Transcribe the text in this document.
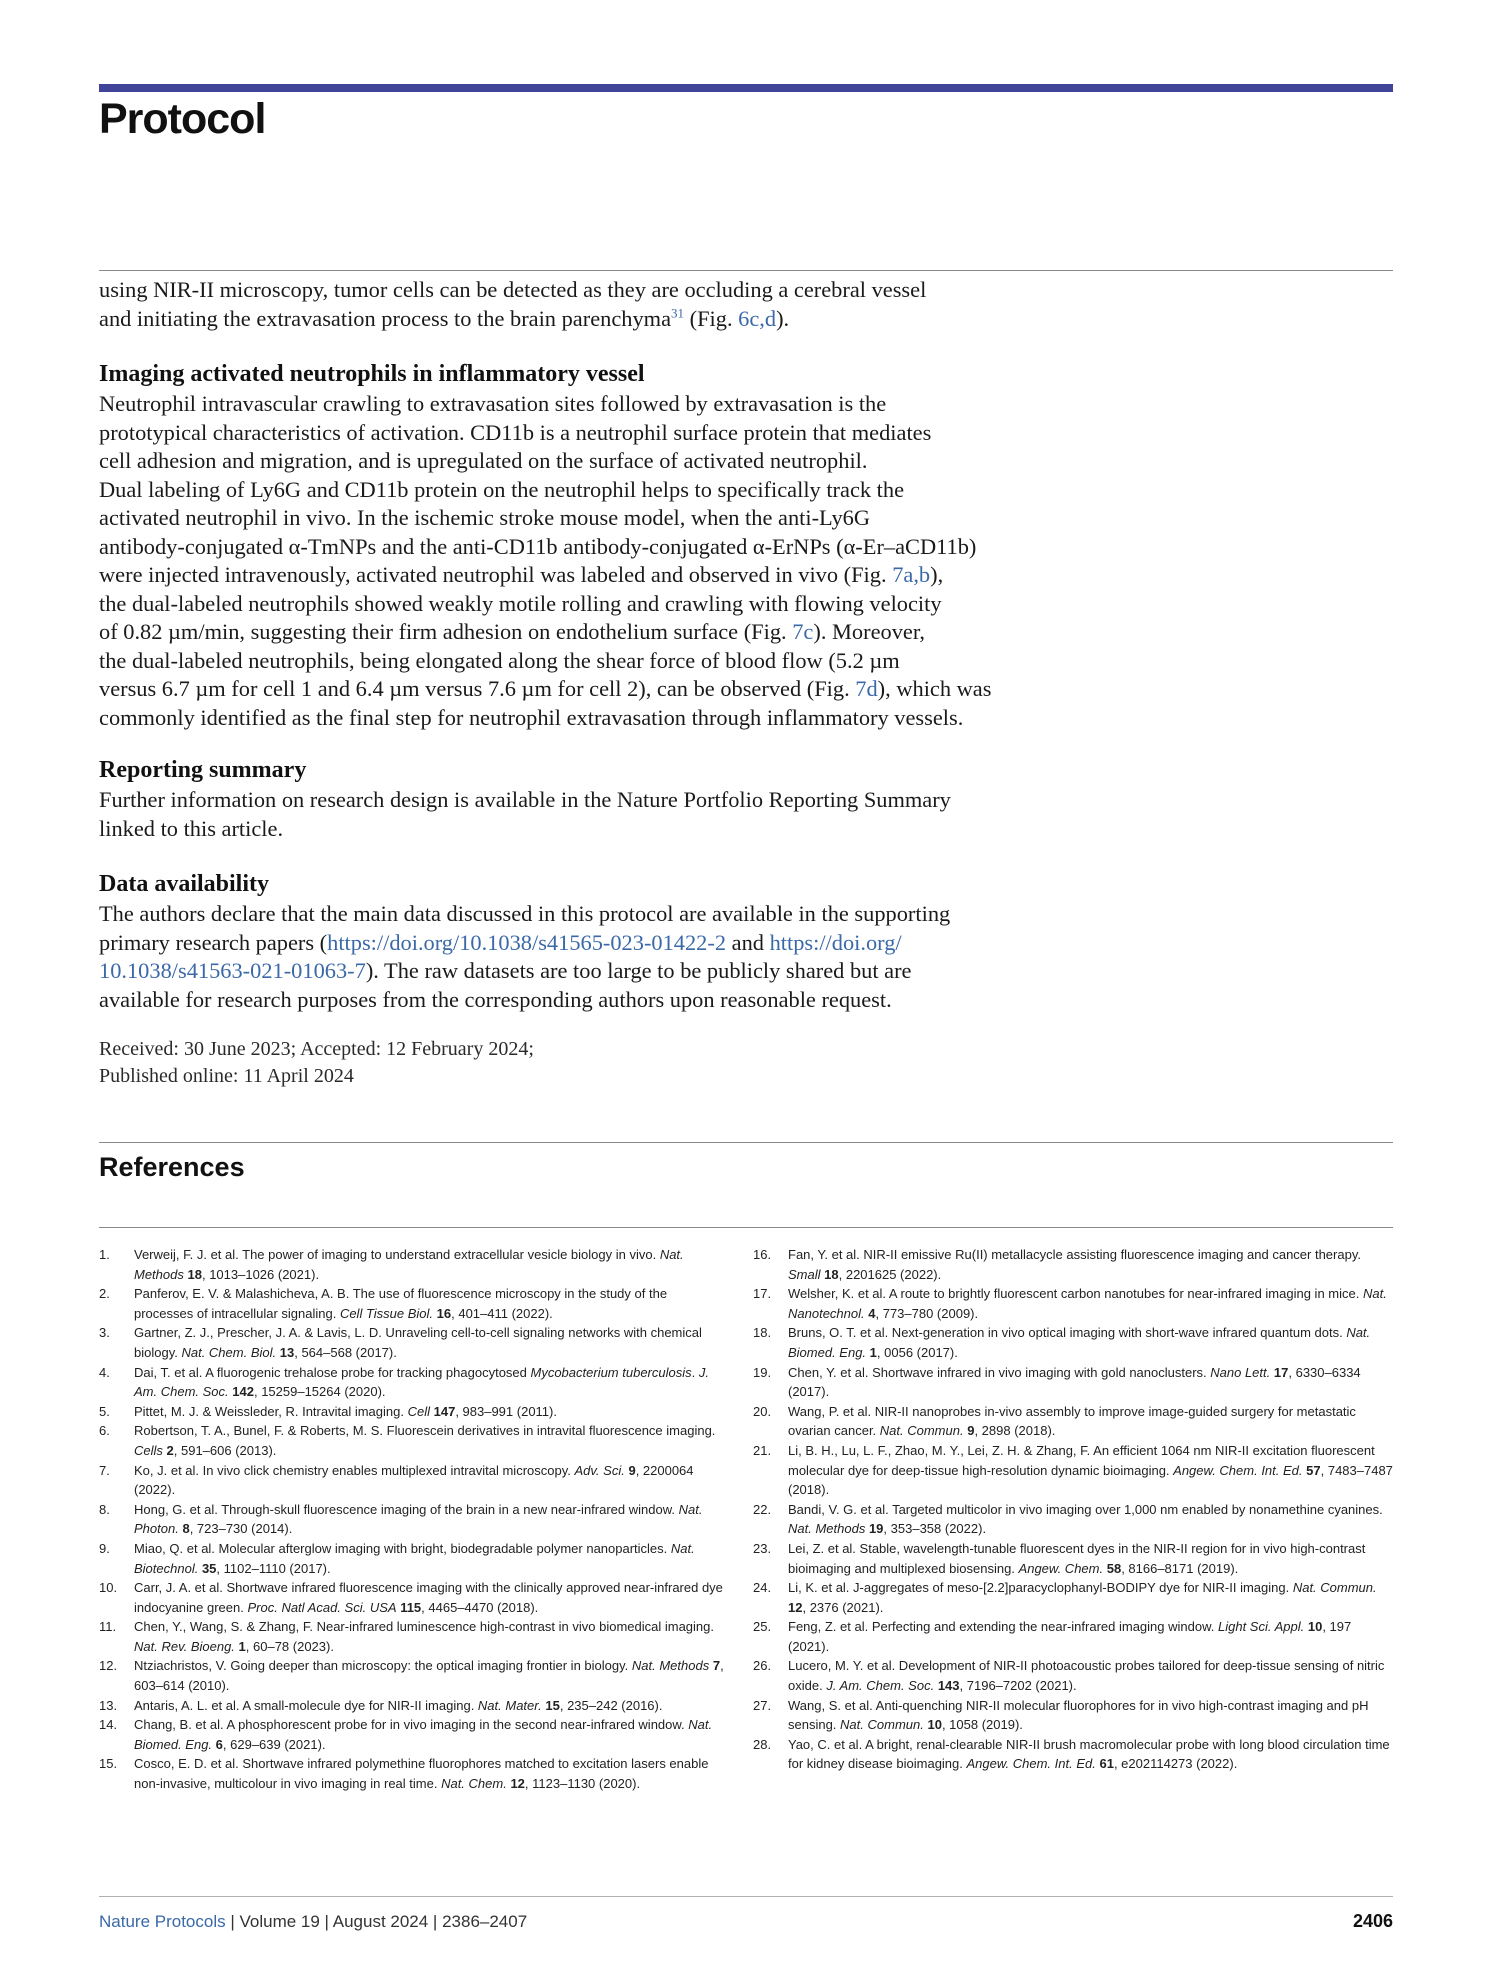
Protocol
using NIR-II microscopy, tumor cells can be detected as they are occluding a cerebral vessel
and initiating the extravasation process to the brain parenchyma$^{31}$ (Fig. 6c,d).
Imaging activated neutrophils in inflammatory vessel
Neutrophil intravascular crawling to extravasation sites followed by extravasation is the
prototypical characteristics of activation. CD11b is a neutrophil surface protein that mediates
cell adhesion and migration, and is upregulated on the surface of activated neutrophil.
Dual labeling of Ly6G and CD11b protein on the neutrophil helps to specifically track the
activated neutrophil in vivo. In the ischemic stroke mouse model, when the anti-Ly6G
antibody-conjugated α-TmNPs and the anti-CD11b antibody-conjugated α-ErNPs (α-Er–aCD11b)
were injected intravenously, activated neutrophil was labeled and observed in vivo (Fig. 7a,b),
the dual-labeled neutrophils showed weakly motile rolling and crawling with flowing velocity
of 0.82 µm/min, suggesting their firm adhesion on endothelium surface (Fig. 7c). Moreover,
the dual-labeled neutrophils, being elongated along the shear force of blood flow (5.2 µm
versus 6.7 µm for cell 1 and 6.4 µm versus 7.6 µm for cell 2), can be observed (Fig. 7d), which was
commonly identified as the final step for neutrophil extravasation through inflammatory vessels.
Reporting summary
Further information on research design is available in the Nature Portfolio Reporting Summary
linked to this article.
Data availability
The authors declare that the main data discussed in this protocol are available in the supporting
primary research papers (https://doi.org/10.1038/s41565-023-01422-2 and https://doi.org/
10.1038/s41563-021-01063-7). The raw datasets are too large to be publicly shared but are
available for research purposes from the corresponding authors upon reasonable request.
Received: 30 June 2023; Accepted: 12 February 2024;
Published online: 11 April 2024
References
1. Verweij, F. J. et al. The power of imaging to understand extracellular vesicle biology in vivo. Nat. Methods 18, 1013–1026 (2021).
2. Panferov, E. V. & Malashicheva, A. B. The use of fluorescence microscopy in the study of the processes of intracellular signaling. Cell Tissue Biol. 16, 401–411 (2022).
3. Gartner, Z. J., Prescher, J. A. & Lavis, L. D. Unraveling cell-to-cell signaling networks with chemical biology. Nat. Chem. Biol. 13, 564–568 (2017).
4. Dai, T. et al. A fluorogenic trehalose probe for tracking phagocytosed Mycobacterium tuberculosis. J. Am. Chem. Soc. 142, 15259–15264 (2020).
5. Pittet, M. J. & Weissleder, R. Intravital imaging. Cell 147, 983–991 (2011).
6. Robertson, T. A., Bunel, F. & Roberts, M. S. Fluorescein derivatives in intravital fluorescence imaging. Cells 2, 591–606 (2013).
7. Ko, J. et al. In vivo click chemistry enables multiplexed intravital microscopy. Adv. Sci. 9, 2200064 (2022).
8. Hong, G. et al. Through-skull fluorescence imaging of the brain in a new near-infrared window. Nat. Photon. 8, 723–730 (2014).
9. Miao, Q. et al. Molecular afterglow imaging with bright, biodegradable polymer nanoparticles. Nat. Biotechnol. 35, 1102–1110 (2017).
10. Carr, J. A. et al. Shortwave infrared fluorescence imaging with the clinically approved near-infrared dye indocyanine green. Proc. Natl Acad. Sci. USA 115, 4465–4470 (2018).
11. Chen, Y., Wang, S. & Zhang, F. Near-infrared luminescence high-contrast in vivo biomedical imaging. Nat. Rev. Bioeng. 1, 60–78 (2023).
12. Ntziachristos, V. Going deeper than microscopy: the optical imaging frontier in biology. Nat. Methods 7, 603–614 (2010).
13. Antaris, A. L. et al. A small-molecule dye for NIR-II imaging. Nat. Mater. 15, 235–242 (2016).
14. Chang, B. et al. A phosphorescent probe for in vivo imaging in the second near-infrared window. Nat. Biomed. Eng. 6, 629–639 (2021).
15. Cosco, E. D. et al. Shortwave infrared polymethine fluorophores matched to excitation lasers enable non-invasive, multicolour in vivo imaging in real time. Nat. Chem. 12, 1123–1130 (2020).
16. Fan, Y. et al. NIR-II emissive Ru(II) metallacycle assisting fluorescence imaging and cancer therapy. Small 18, 2201625 (2022).
17. Welsher, K. et al. A route to brightly fluorescent carbon nanotubes for near-infrared imaging in mice. Nat. Nanotechnol. 4, 773–780 (2009).
18. Bruns, O. T. et al. Next-generation in vivo optical imaging with short-wave infrared quantum dots. Nat. Biomed. Eng. 1, 0056 (2017).
19. Chen, Y. et al. Shortwave infrared in vivo imaging with gold nanoclusters. Nano Lett. 17, 6330–6334 (2017).
20. Wang, P. et al. NIR-II nanoprobes in-vivo assembly to improve image-guided surgery for metastatic ovarian cancer. Nat. Commun. 9, 2898 (2018).
21. Li, B. H., Lu, L. F., Zhao, M. Y., Lei, Z. H. & Zhang, F. An efficient 1064 nm NIR-II excitation fluorescent molecular dye for deep-tissue high-resolution dynamic bioimaging. Angew. Chem. Int. Ed. 57, 7483–7487 (2018).
22. Bandi, V. G. et al. Targeted multicolor in vivo imaging over 1,000 nm enabled by nonamethine cyanines. Nat. Methods 19, 353–358 (2022).
23. Lei, Z. et al. Stable, wavelength-tunable fluorescent dyes in the NIR-II region for in vivo high-contrast bioimaging and multiplexed biosensing. Angew. Chem. 58, 8166–8171 (2019).
24. Li, K. et al. J-aggregates of meso-[2.2]paracyclophanyl-BODIPY dye for NIR-II imaging. Nat. Commun. 12, 2376 (2021).
25. Feng, Z. et al. Perfecting and extending the near-infrared imaging window. Light Sci. Appl. 10, 197 (2021).
26. Lucero, M. Y. et al. Development of NIR-II photoacoustic probes tailored for deep-tissue sensing of nitric oxide. J. Am. Chem. Soc. 143, 7196–7202 (2021).
27. Wang, S. et al. Anti-quenching NIR-II molecular fluorophores for in vivo high-contrast imaging and pH sensing. Nat. Commun. 10, 1058 (2019).
28. Yao, C. et al. A bright, renal-clearable NIR-II brush macromolecular probe with long blood circulation time for kidney disease bioimaging. Angew. Chem. Int. Ed. 61, e202114273 (2022).
Nature Protocols | Volume 19 | August 2024 | 2386–2407	2406
